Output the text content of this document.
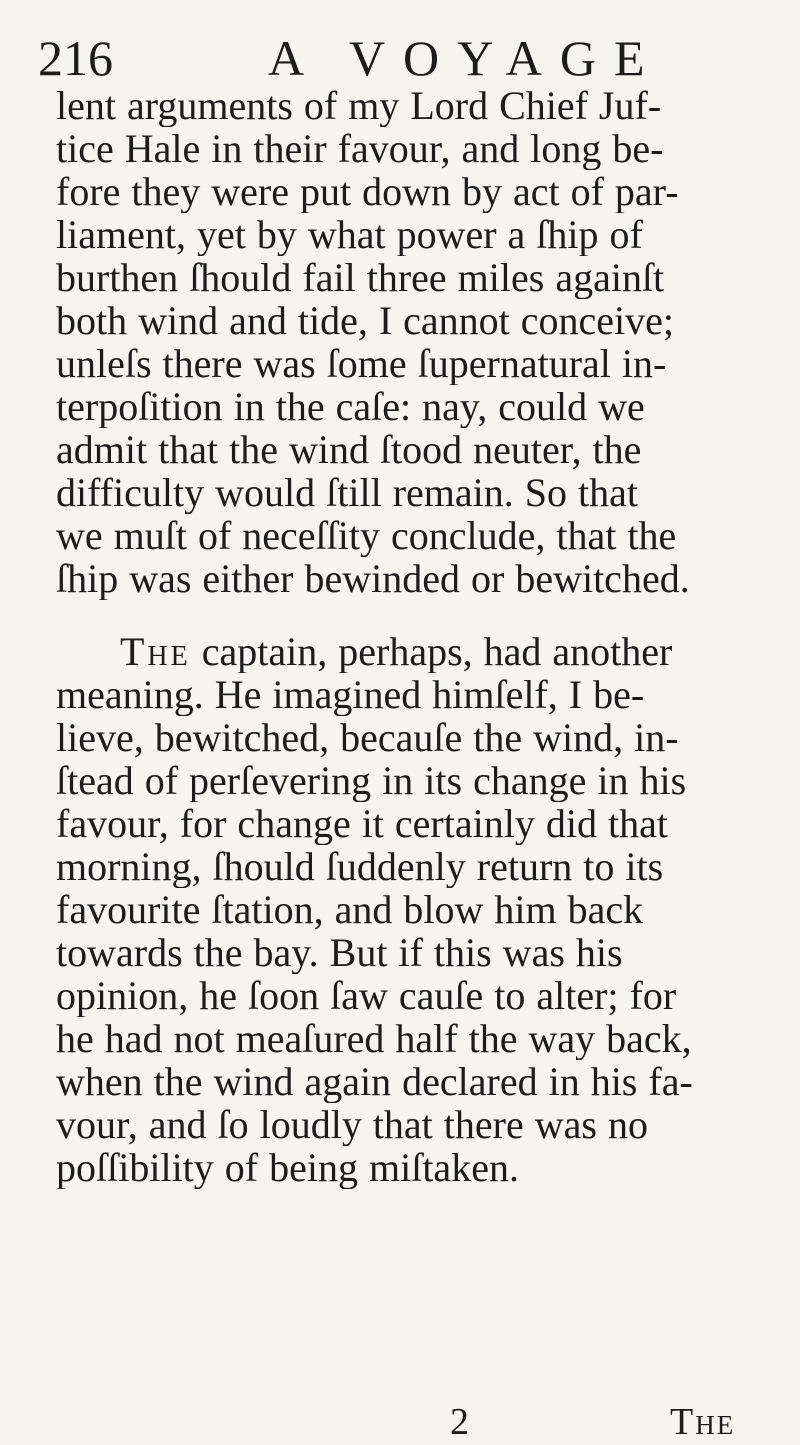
216	A VOYAGE
lent arguments of my Lord Chief Juf-
tice Hale in their favour, and long be-
fore they were put down by act of par-
liament, yet by what power a ſhip of
burthen ſhould fail three miles againſt
both wind and tide, I cannot conceive;
unleſs there was ſome ſupernatural in-
terpoſition in the caſe: nay, could we
admit that the wind ſtood neuter, the
difficulty would ſtill remain. So that
we muſt of neceſſity conclude, that the
ſhip was either bewinded or bewitched.
The captain, perhaps, had another
meaning. He imagined himſelf, I be-
lieve, bewitched, becauſe the wind, in-
ſtead of perſevering in its change in his
favour, for change it certainly did that
morning, ſhould ſuddenly return to its
favourite ſtation, and blow him back
towards the bay. But if this was his
opinion, he ſoon ſaw cauſe to alter; for
he had not meaſured half the way back,
when the wind again declared in his fa-
vour, and ſo loudly that there was no
poſſibility of being miſtaken.
2	The
